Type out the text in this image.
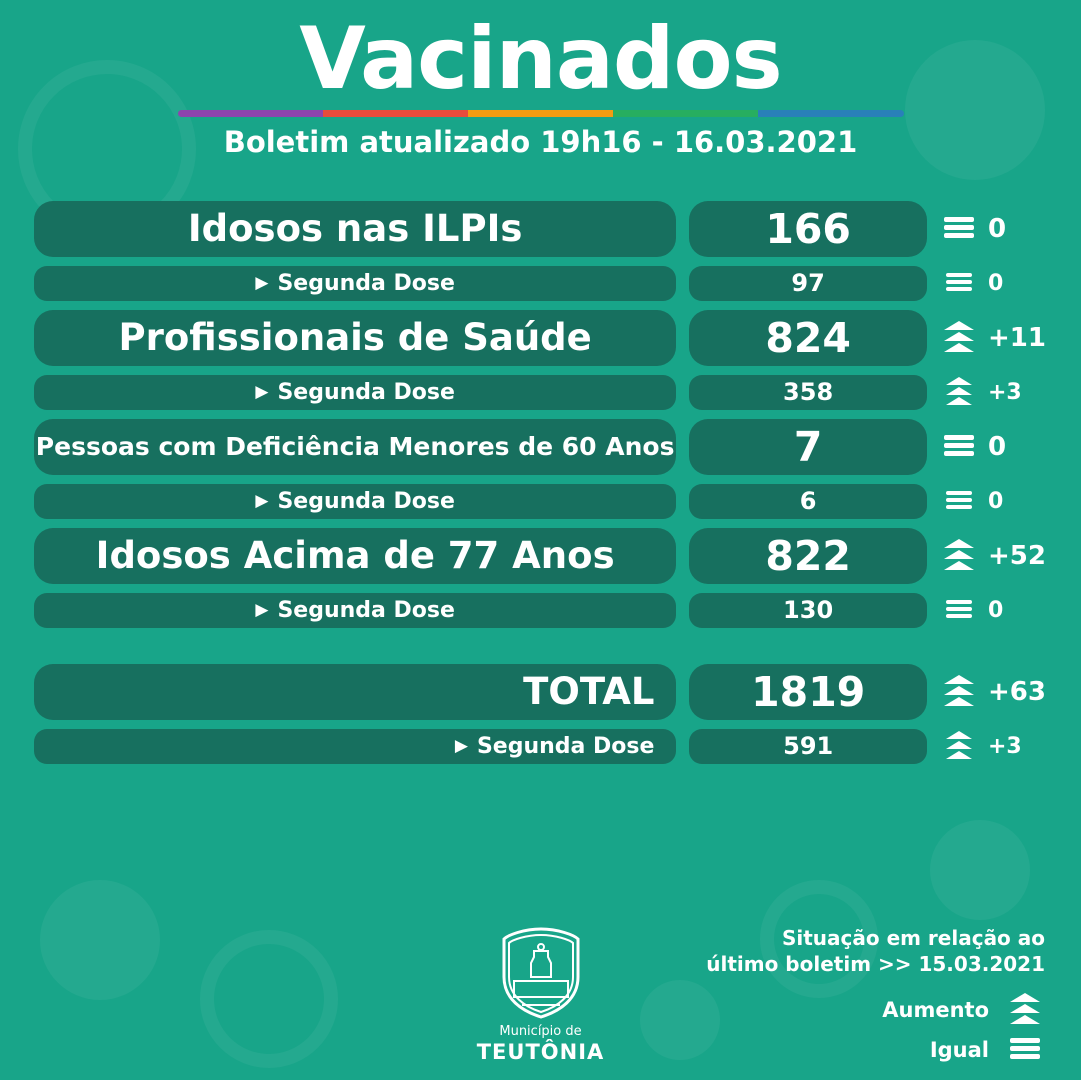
Vacinados

Boletim atualizado 19h16 - 16.03.2021

Idosos nas ILPIs	166	0
▶ Segunda Dose	97	0
Profissionais de Saúde	824	+11
▶ Segunda Dose	358	+3
Pessoas com Deficiência Menores de 60 Anos	7	0
▶ Segunda Dose	6	0
Idosos Acima de 77 Anos	822	+52
▶ Segunda Dose	130	0
TOTAL	1819	+63
▶ Segunda Dose	591	+3
Município de
TEUTÔNIA
Situação em relação ao
último boletim >> 15.03.2021
Aumento
Igual
